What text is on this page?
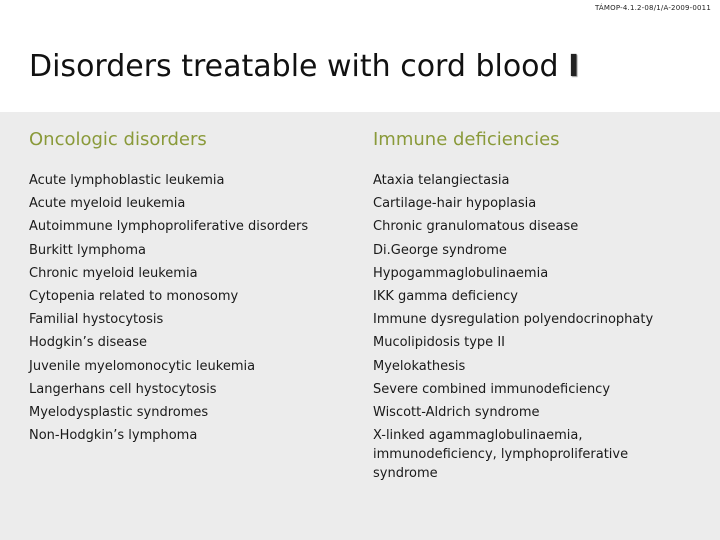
TÁMOP-4.1.2-08/1/A-2009-0011
Disorders treatable with cord blood I
Oncologic disorders
Acute lymphoblastic leukemia
Acute myeloid leukemia
Autoimmune lymphoproliferative disorders
Burkitt lymphoma
Chronic myeloid leukemia
Cytopenia related to monosomy
Familial hystocytosis
Hodgkin’s disease
Juvenile myelomonocytic leukemia
Langerhans cell hystocytosis
Myelodysplastic syndromes
Non-Hodgkin’s lymphoma
Immune deficiencies
Ataxia telangiectasia
Cartilage-hair hypoplasia
Chronic granulomatous disease
Di.George syndrome
Hypogammaglobulinaemia
IKK gamma deficiency
Immune dysregulation polyendocrinophaty
Mucolipidosis type II
Myelokathesis
Severe combined immunodeficiency
Wiscott-Aldrich syndrome
X-linked agammaglobulinaemia, immunodeficiency, lymphoproliferative syndrome
